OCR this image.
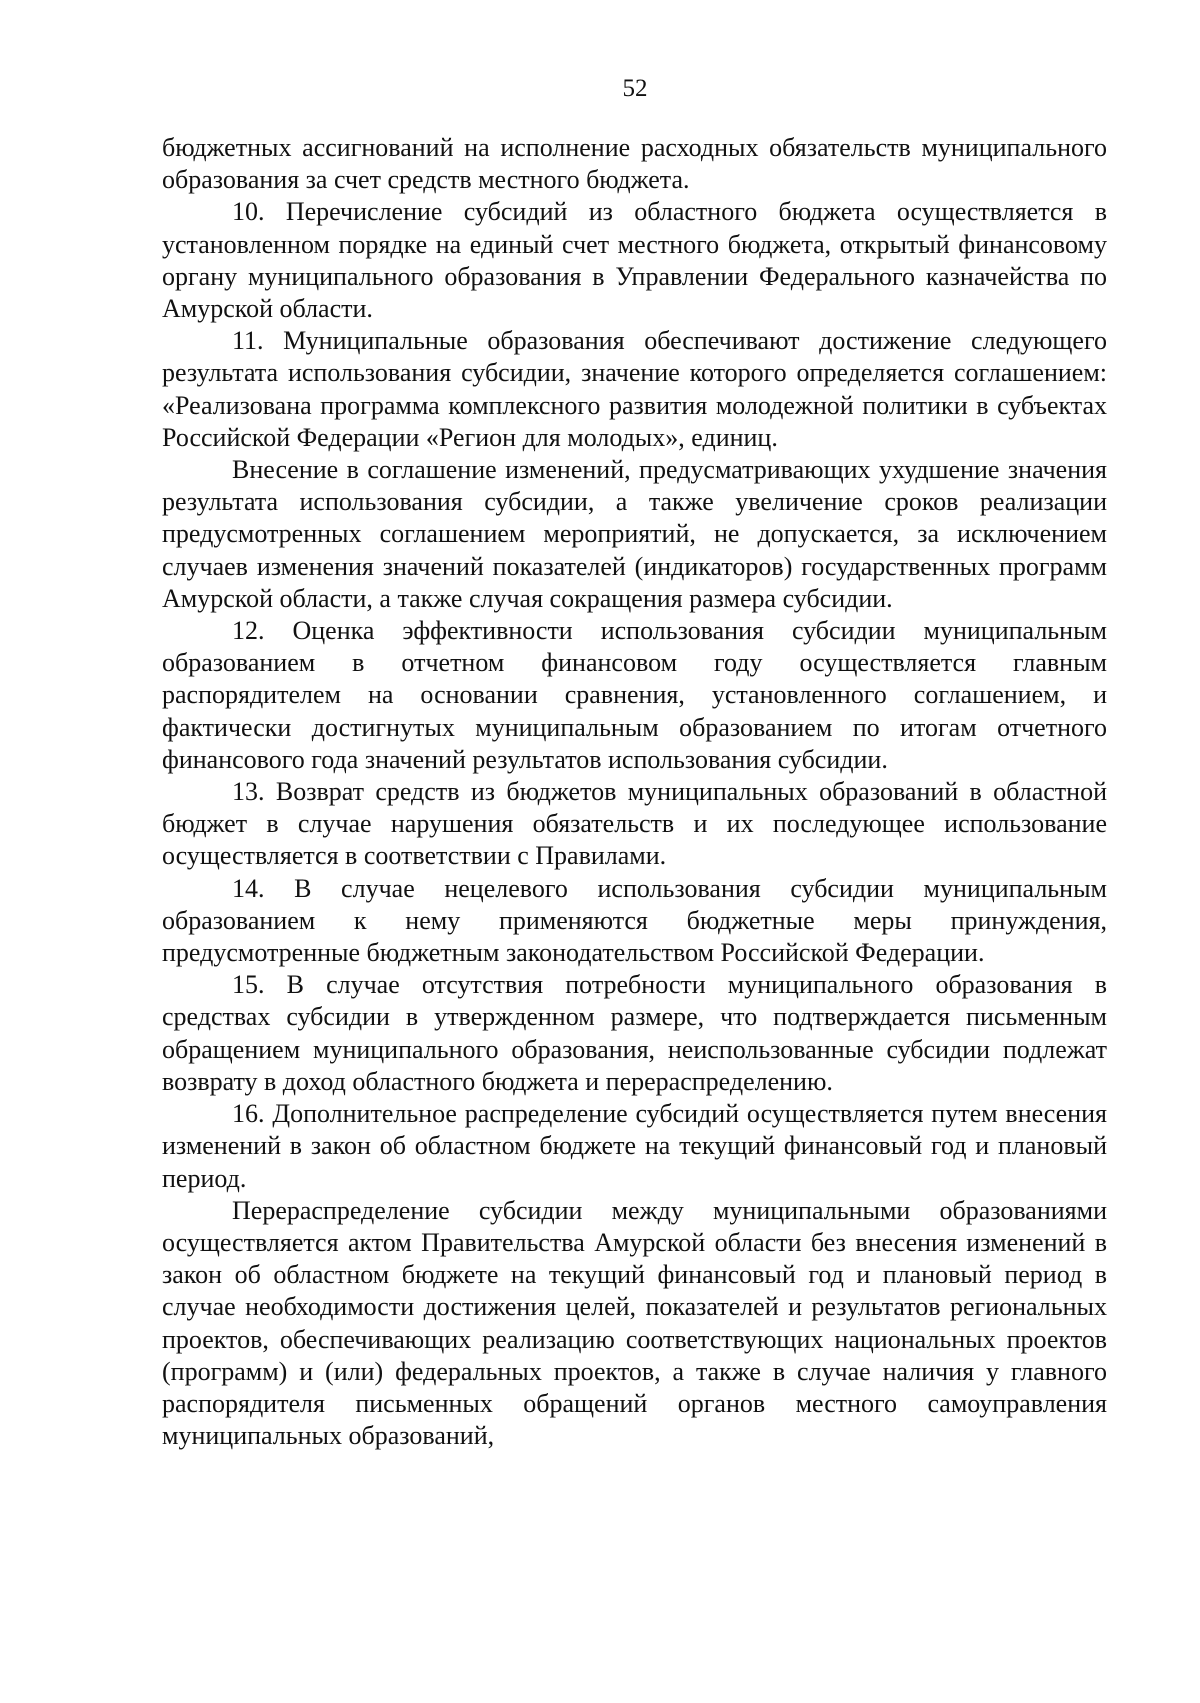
52

бюджетных ассигнований на исполнение расходных обязательств муниципального образования за счет средств местного бюджета.

10. Перечисление субсидий из областного бюджета осуществляется в установленном порядке на единый счет местного бюджета, открытый финансовому органу муниципального образования в Управлении Федерального казначейства по Амурской области.

11. Муниципальные образования обеспечивают достижение следующего результата использования субсидии, значение которого определяется соглашением: «Реализована программа комплексного развития молодежной политики в субъектах Российской Федерации «Регион для молодых», единиц.

Внесение в соглашение изменений, предусматривающих ухудшение значения результата использования субсидии, а также увеличение сроков реализации предусмотренных соглашением мероприятий, не допускается, за исключением случаев изменения значений показателей (индикаторов) государственных программ Амурской области, а также случая сокращения размера субсидии.

12. Оценка эффективности использования субсидии муниципальным образованием в отчетном финансовом году осуществляется главным распорядителем на основании сравнения, установленного соглашением, и фактически достигнутых муниципальным образованием по итогам отчетного финансового года значений результатов использования субсидии.

13. Возврат средств из бюджетов муниципальных образований в областной бюджет в случае нарушения обязательств и их последующее использование осуществляется в соответствии с Правилами.

14. В случае нецелевого использования субсидии муниципальным образованием к нему применяются бюджетные меры принуждения, предусмотренные бюджетным законодательством Российской Федерации.

15. В случае отсутствия потребности муниципального образования в средствах субсидии в утвержденном размере, что подтверждается письменным обращением муниципального образования, неиспользованные субсидии подлежат возврату в доход областного бюджета и перераспределению.

16. Дополнительное распределение субсидий осуществляется путем внесения изменений в закон об областном бюджете на текущий финансовый год и плановый период.

Перераспределение субсидии между муниципальными образованиями осуществляется актом Правительства Амурской области без внесения изменений в закон об областном бюджете на текущий финансовый год и плановый период в случае необходимости достижения целей, показателей и результатов региональных проектов, обеспечивающих реализацию соответствующих национальных проектов (программ) и (или) федеральных проектов, а также в случае наличия у главного распорядителя письменных обращений органов местного самоуправления муниципальных образований,
